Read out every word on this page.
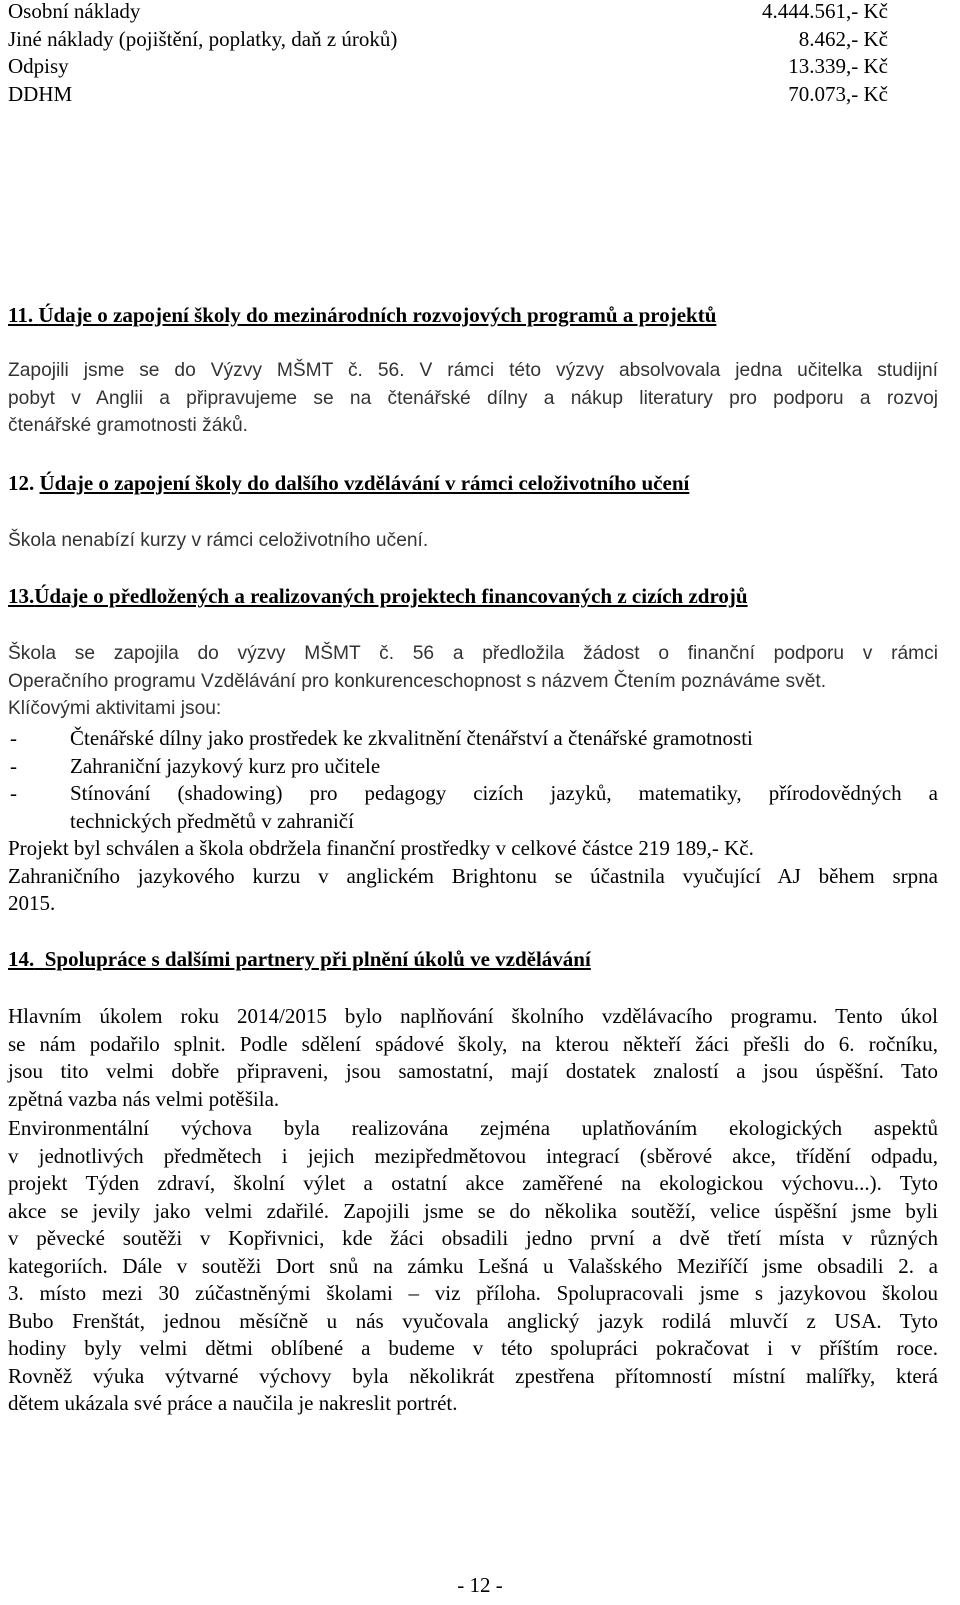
Osobní náklady	4.444.561,- Kč
Jiné náklady (pojištění, poplatky, daň z úroků)	8.462,- Kč
Odpisy	13.339,- Kč
DDHM	70.073,- Kč
11. Údaje o zapojení školy do mezinárodních rozvojových programů a projektů
Zapojili jsme se do Výzvy MŠMT č. 56. V rámci této výzvy absolvovala jedna učitelka studijní
pobyt v Anglii a připravujeme se na čtenářské dílny a nákup literatury pro podporu a rozvoj
čtenářské gramotnosti žáků.
12. Údaje o zapojení školy do dalšího vzdělávání v rámci celoživotního učení
Škola nenabízí kurzy v rámci celoživotního učení.
13.Údaje o předložených a realizovaných projektech financovaných z cizích zdrojů
Škola se zapojila do výzvy MŠMT č. 56 a předložila žádost o finanční podporu v rámci
Operačního programu Vzdělávání pro konkurenceschopnost s názvem Čtením poznáváme svět.
Klíčovými aktivitami jsou:
-	Čtenářské dílny jako prostředek ke zkvalitnění čtenářství a čtenářské gramotnosti
-	Zahraniční jazykový kurz pro učitele
-	Stínování (shadowing) pro pedagogy cizích jazyků, matematiky, přírodovědných a
technických předmětů v zahraničí
Projekt byl schválen a škola obdržela finanční prostředky v celkové částce 219 189,- Kč.
Zahraničního jazykového kurzu v anglickém Brightonu se účastnila vyučující AJ během srpna
2015.
14. Spolupráce s dalšími partnery při plnění úkolů ve vzdělávání
Hlavním úkolem roku 2014/2015 bylo naplňování školního vzdělávacího programu. Tento úkol
se nám podařilo splnit. Podle sdělení spádové školy, na kterou někteří žáci přešli do 6. ročníku,
jsou tito velmi dobře připraveni, jsou samostatní, mají dostatek znalostí a jsou úspěšní. Tato
zpětná vazba nás velmi potěšila.
Environmentální výchova byla realizována zejména uplatňováním ekologických aspektů
v jednotlivých předmětech i jejich mezipředmětovou integrací (sběrové akce, třídění odpadu,
projekt Týden zdraví, školní výlet a ostatní akce zaměřené na ekologickou výchovu...). Tyto
akce se jevily jako velmi zdařilé. Zapojili jsme se do několika soutěží, velice úspěšní jsme byli
v pěvecké soutěži v Kopřivnici, kde žáci obsadili jedno první a dvě třetí místa v různých
kategoriích. Dále v soutěži Dort snů na zámku Lešná u Valašského Meziříčí jsme obsadili 2. a
3. místo mezi 30 zúčastněnými školami – viz příloha. Spolupracovali jsme s jazykovou školou
Bubo Frenštát, jednou měsíčně u nás vyučovala anglický jazyk rodilá mluvčí z USA. Tyto
hodiny byly velmi dětmi oblíbené a budeme v této spolupráci pokračovat i v příštím roce.
Rovněž výuka výtvarné výchovy byla několikrát zpestřena přítomností místní malířky, která
dětem ukázala své práce a naučila je nakreslit portrét.
- 12 -
